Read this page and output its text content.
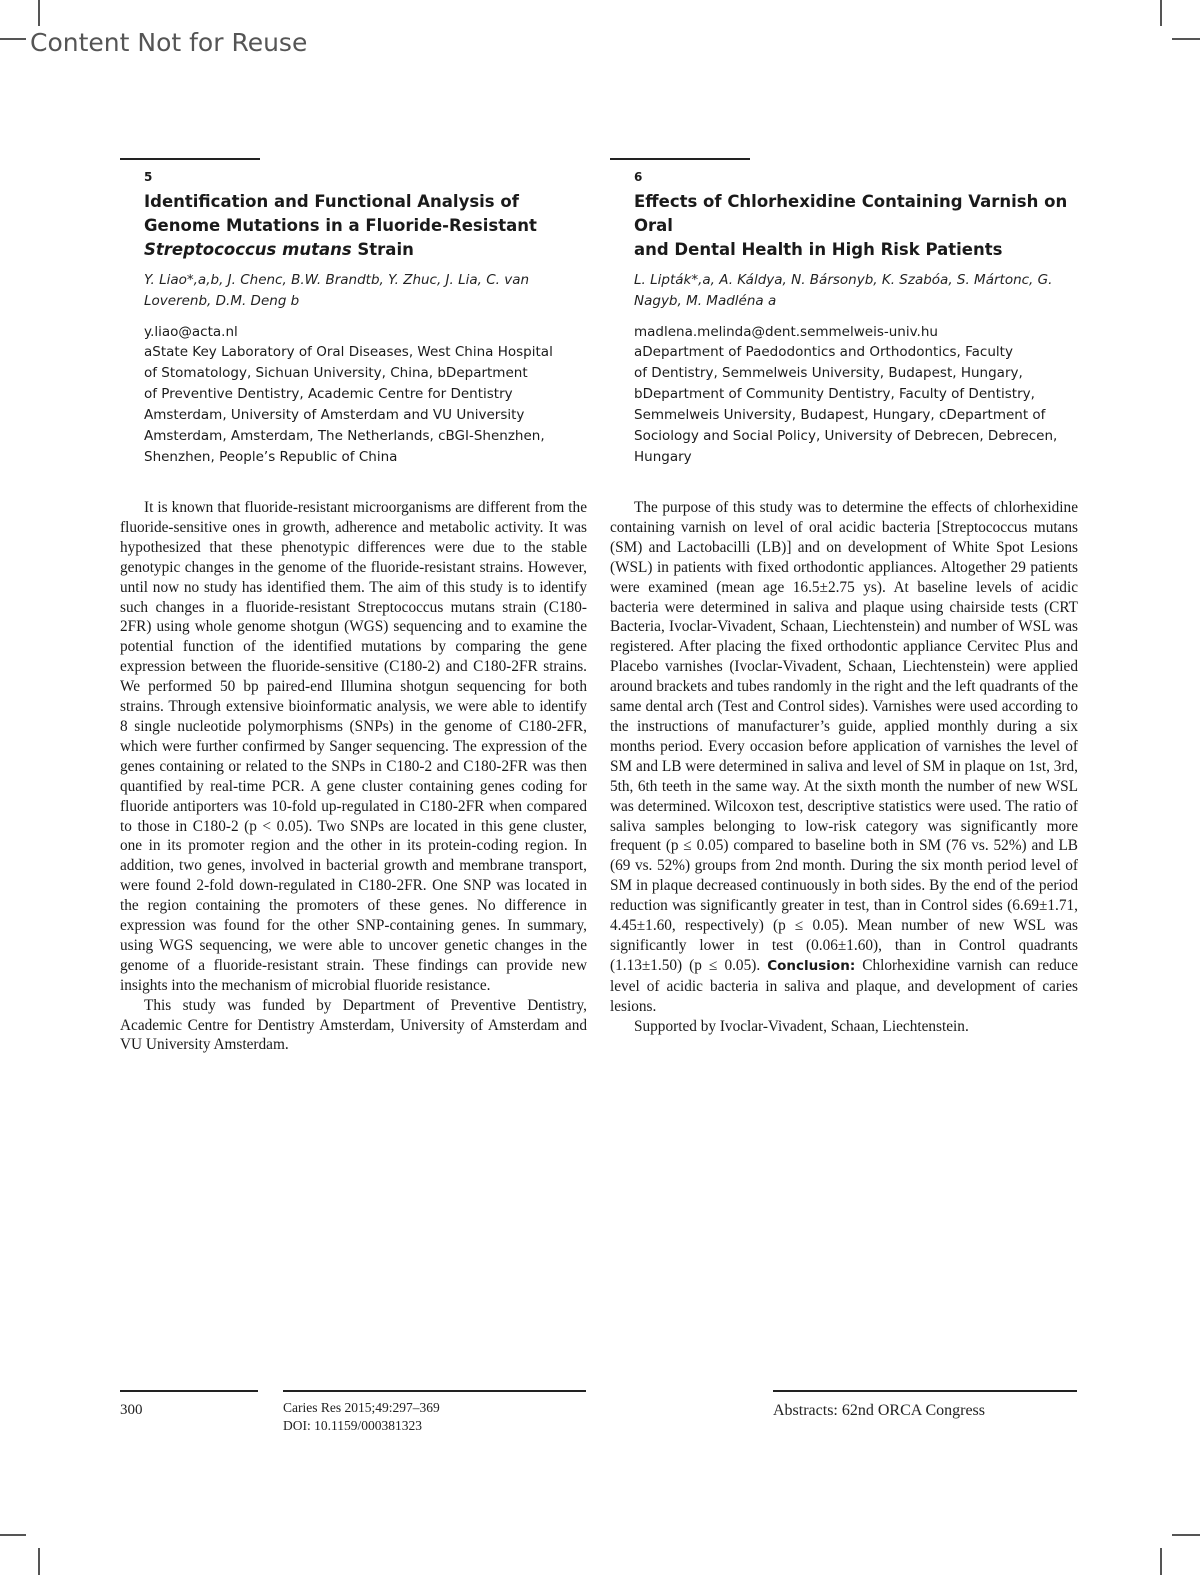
Content Not for Reuse
5
Identification and Functional Analysis of
Genome Mutations in a Fluoride-Resistant
Streptococcus mutans Strain
Y. Liao*,a,b, J. Chenc, B.W. Brandtb, Y. Zhuc, J. Lia, C. van Loverenb, D.M. Deng b
y.liao@acta.nl
aState Key Laboratory of Oral Diseases, West China Hospital
of Stomatology, Sichuan University, China, bDepartment
of Preventive Dentistry, Academic Centre for Dentistry
Amsterdam, University of Amsterdam and VU University
Amsterdam, Amsterdam, The Netherlands, cBGI-Shenzhen,
Shenzhen, People’s Republic of China

It is known that fluoride-resistant microorganisms are different from the fluoride-sensitive ones in growth, adherence and metabolic activity. It was hypothesized that these phenotypic differences were due to the stable genotypic changes in the genome of the fluoride-resistant strains. However, until now no study has identified them. The aim of this study is to identify such changes in a fluoride-resistant Streptococcus mutans strain (C180-2FR) using whole genome shotgun (WGS) sequencing and to examine the potential function of the identified mutations by comparing the gene expression between the fluoride-sensitive (C180-2) and C180-2FR strains. We performed 50 bp paired-end Illumina shotgun sequencing for both strains. Through extensive bioinformatic analysis, we were able to identify 8 single nucleotide polymorphisms (SNPs) in the genome of C180-2FR, which were further confirmed by Sanger sequencing. The expression of the genes containing or related to the SNPs in C180-2 and C180-2FR was then quantified by real-time PCR. A gene cluster containing genes coding for fluoride antiporters was 10-fold up-regulated in C180-2FR when compared to those in C180-2 (p < 0.05). Two SNPs are located in this gene cluster, one in its promoter region and the other in its protein-coding region. In addition, two genes, involved in bacterial growth and membrane transport, were found 2-fold down-regulated in C180-2FR. One SNP was located in the region containing the promoters of these genes. No difference in expression was found for the other SNP-containing genes. In summary, using WGS sequencing, we were able to uncover genetic changes in the genome of a fluoride-resistant strain. These findings can provide new insights into the mechanism of microbial fluoride resistance.

This study was funded by Department of Preventive Dentistry, Academic Centre for Dentistry Amsterdam, University of Amsterdam and VU University Amsterdam.

6
Effects of Chlorhexidine Containing Varnish on Oral
and Dental Health in High Risk Patients
L. Lipták*,a, A. Káldya, N. Bársonyb, K. Szabóa, S. Mártonc, G. Nagyb, M. Madléna a
madlena.melinda@dent.semmelweis-univ.hu
aDepartment of Paedodontics and Orthodontics, Faculty
of Dentistry, Semmelweis University, Budapest, Hungary,
bDepartment of Community Dentistry, Faculty of Dentistry,
Semmelweis University, Budapest, Hungary, cDepartment of
Sociology and Social Policy, University of Debrecen, Debrecen,
Hungary

The purpose of this study was to determine the effects of chlorhexidine containing varnish on level of oral acidic bacteria [Streptococcus mutans (SM) and Lactobacilli (LB)] and on development of White Spot Lesions (WSL) in patients with fixed orthodontic appliances. Altogether 29 patients were examined (mean age 16.5±2.75 ys). At baseline levels of acidic bacteria were determined in saliva and plaque using chairside tests (CRT Bacteria, Ivoclar-Vivadent, Schaan, Liechtenstein) and number of WSL was registered. After placing the fixed orthodontic appliance Cervitec Plus and Placebo varnishes (Ivoclar-Vivadent, Schaan, Liechtenstein) were applied around brackets and tubes randomly in the right and the left quadrants of the same dental arch (Test and Control sides). Varnishes were used according to the instructions of manufacturer’s guide, applied monthly during a six months period. Every occasion before application of varnishes the level of SM and LB were determined in saliva and level of SM in plaque on 1st, 3rd, 5th, 6th teeth in the same way. At the sixth month the number of new WSL was determined. Wilcoxon test, descriptive statistics were used. The ratio of saliva samples belonging to low-risk category was significantly more frequent (p ≤ 0.05) compared to baseline both in SM (76 vs. 52%) and LB (69 vs. 52%) groups from 2nd month. During the six month period level of SM in plaque decreased continuously in both sides. By the end of the period reduction was significantly greater in test, than in Control sides (6.69±1.71, 4.45±1.60, respectively) (p ≤ 0.05). Mean number of new WSL was significantly lower in test (0.06±1.60), than in Control quadrants (1.13±1.50) (p ≤ 0.05). Conclusion: Chlorhexidine varnish can reduce level of acidic bacteria in saliva and plaque, and development of caries lesions.

Supported by Ivoclar-Vivadent, Schaan, Liechtenstein.

300	Caries Res 2015;49:297–369
DOI: 10.1159/000381323
Abstracts: 62nd ORCA Congress
